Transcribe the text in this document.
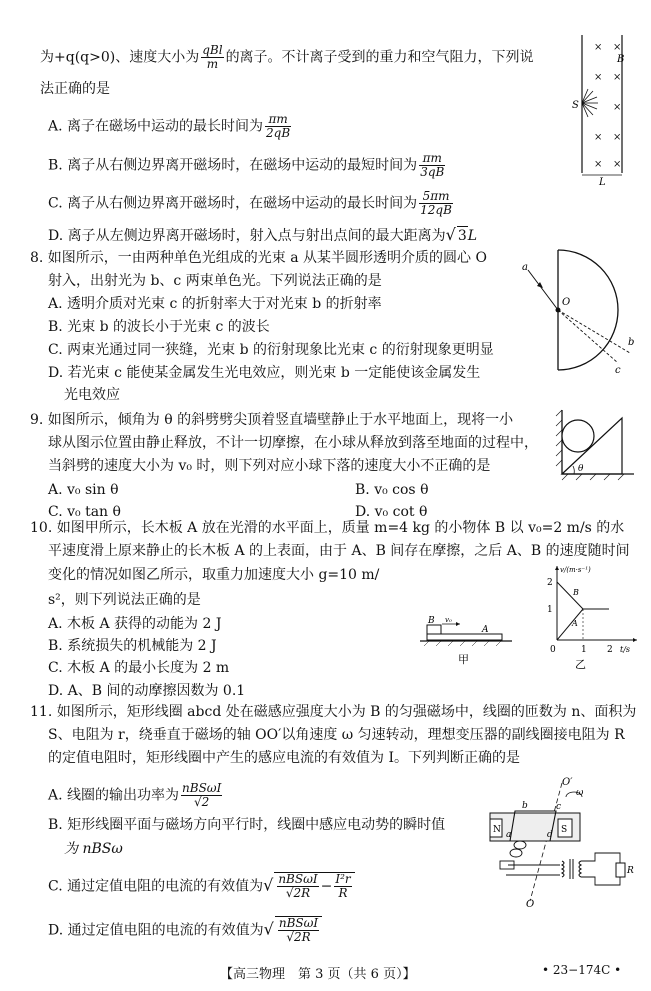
为+q(q>0)、速度大小为 $\frac{\text{qBl}}{m}$ 的离子。不计离子受到的重力和空气阻力，下列说
法正确的是
A. 离子在磁场中运动的最长时间为 $\frac{\pi m}{2qB}$
B. 离子从右侧边界离开磁场时，在磁场中运动的最短时间为 $\frac{\pi m}{3qB}$
C. 离子从右侧边界离开磁场时，在磁场中运动的最长时间为 $\frac{5\pi m}{12qB}$
D. 离子从左侧边界离开磁场时，射入点与射出点间的最大距离为√ 3L
× ×
× ×
×
× ×
× ×
B
S
L
8. 如图所示，一由两种单色光组成的光束 a 从某半圆形透明介质的圆心 O
射入，出射光为 b、c 两束单色光。下列说法正确的是
A. 透明介质对光束 c 的折射率大于对光束 b 的折射率
B. 光束 b 的波长小于光束 c 的波长
C. 两束光通过同一狭缝，光束 b 的衍射现象比光束 c 的衍射现象更明显
D. 若光束 c 能使某金属发生光电效应，则光束 b 一定能使该金属发生
光电效应
a
O
b
c
9. 如图所示，倾角为 θ 的斜劈劈尖顶着竖直墙壁静止于水平地面上，现将一小
球从图示位置由静止释放，不计一切摩擦，在小球从释放到落至地面的过程中，
当斜劈的速度大小为 v₀ 时，则下列对应小球下落的速度大小不正确的是
A. v₀ sin θ	B. v₀ cos θ
C. v₀ tan θ	D. v₀ cot θ
θ
10. 如图甲所示，长木板 A 放在光滑的水平面上，质量 m=4 kg 的小物体 B 以 v₀=2 m/s 的水
平速度滑上原来静止的长木板 A 的上表面，由于 A、B 间存在摩擦，之后 A、B 的速度随时间
变化的情况如图乙所示，取重力加速度大小 g=10 m/
s²，则下列说法正确的是
A. 木板 A 获得的动能为 2 J
B. 系统损失的机械能为 2 J
C. 木板 A 的最小长度为 2 m
D. A、B 间的动摩擦因数为 0.1
B v₀
A
甲
v/(m·s⁻¹)
t/s
2
1
0	1 2
B
A
乙
11. 如图所示，矩形线圈 abcd 处在磁感应强度大小为 B 的匀强磁场中，线圈的匝数为 n、面积为
S、电阻为 r，绕垂直于磁场的轴 OO′以角速度 ω 匀速转动，理想变压器的副线圈接电阻为 R
的定值电阻时，矩形线圈中产生的感应电流的有效值为 I。下列判断正确的是
A. 线圈的输出功率为 $\frac{\text{nBSωI}}{√2}$
B. 矩形线圈平面与磁场方向平行时，线圈中感应电动势的瞬时值
为 nBSω
C. 通过定值电阻的电流的有效值为√ $\frac{\text{nBSωI}}{√2R} - \frac{\text{I²r}}{R}$
D. 通过定值电阻的电流的有效值为√ $\frac{\text{nBSωI}}{√2R}$
O′
O
ω
N	S
b	c
a	d
R
【高三物理　第 3 页（共 6 页）】	• 23−174C •
